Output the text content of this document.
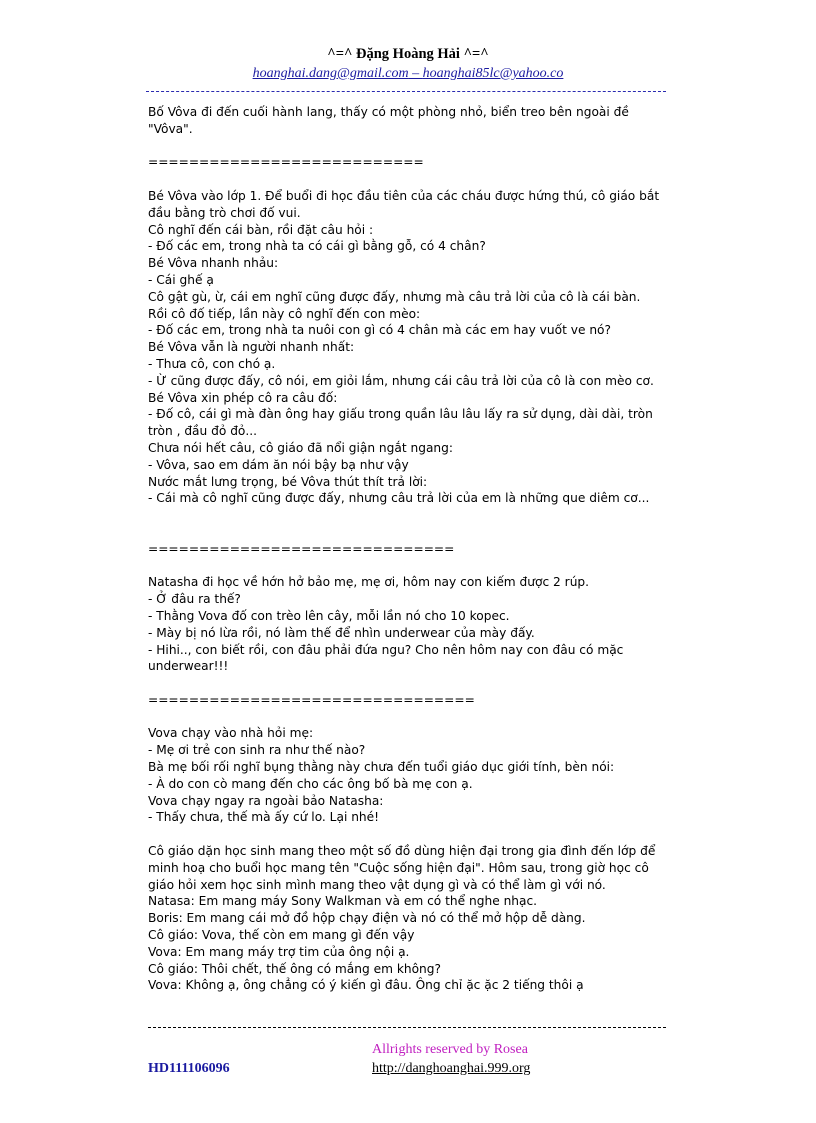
^=^ Đặng Hoàng Hải ^=^
hoanghai.dang@gmail.com – hoanghai85lc@yahoo.co

Bố Vôva đi đến cuối hành lang, thấy có một phòng nhỏ, biển treo bên ngoài đề "Vôva".

===========================

Bé Vôva vào lớp 1. Để buổi đi học đầu tiên của các cháu được hứng thú, cô giáo bắt đầu bằng trò chơi đố vui.

Cô nghĩ đến cái bàn, rồi đặt câu hỏi :

- Đố các em, trong nhà ta có cái gì bằng gỗ, có 4 chân?

Bé Vôva nhanh nhảu:

- Cái ghế ạ

Cô gật gù, ừ, cái em nghĩ cũng được đấy, nhưng mà câu trả lời của cô là cái bàn.

Rồi cô đố tiếp, lần này cô nghĩ đến con mèo:

- Đố các em, trong nhà ta nuôi con gì có 4 chân mà các em hay vuốt ve nó?

Bé Vôva vẫn là người nhanh nhất:

- Thưa cô, con chó ạ.

- Ừ cũng được đấy, cô nói, em giỏi lắm, nhưng cái câu trả lời của cô là con mèo cơ.

Bé Vôva xin phép cô ra câu đố:

- Đố cô, cái gì mà đàn ông hay giấu trong quần lâu lâu lấy ra sử dụng, dài dài, tròn tròn , đầu đỏ đỏ...

Chưa nói hết câu, cô giáo đã nổi giận ngắt ngang:

- Vôva, sao em dám ăn nói bậy bạ như vậy

Nước mắt lưng trọng, bé Vôva thút thít trả lời:

- Cái mà cô nghĩ cũng được đấy, nhưng câu trả lời của em là những que diêm cơ...

==============================

Natasha đi học về hớn hở bảo mẹ, mẹ ơi, hôm nay con kiếm được 2 rúp.

- Ở đâu ra thế?

- Thằng Vova đố con trèo lên cây, mỗi lần nó cho 10 kopec.

- Mày bị nó lừa rồi, nó làm thế để nhìn underwear của mày đấy.

- Hihi.., con biết rồi, con đâu phải đứa ngu? Cho nên hôm nay con đâu có mặc underwear!!!

================================

Vova chạy vào nhà hỏi mẹ:

- Mẹ ơi trẻ con sinh ra như thế nào?

Bà mẹ bối rối nghĩ bụng thằng này chưa đến tuổi giáo dục giới tính, bèn nói:

- À do con cò mang đến cho các ông bố bà mẹ con ạ.

Vova chạy ngay ra ngoài bảo Natasha:

- Thấy chưa, thế mà ấy cứ lo. Lại nhé!

Cô giáo dặn học sinh mang theo một số đồ dùng hiện đại trong gia đình đến lớp để minh hoạ cho buổi học mang tên "Cuộc sống hiện đại". Hôm sau, trong giờ học cô giáo hỏi xem học sinh mình mang theo vật dụng gì và có thể làm gì với nó.

Natasa: Em mang máy Sony Walkman và em có thể nghe nhạc.

Boris: Em mang cái mở đồ hộp chạy điện và nó có thể mở hộp dễ dàng.

Cô giáo: Vova, thế còn em mang gì đến vậy

Vova: Em mang máy trợ tim của ông nội ạ.

Cô giáo: Thôi chết, thế ông có mắng em không?

Vova: Không ạ, ông chẳng có ý kiến gì đâu. Ông chỉ ặc ặc 2 tiếng thôi ạ

Allrights reserved by Rosea
HD111106096	http://danghoanghai.999.org
